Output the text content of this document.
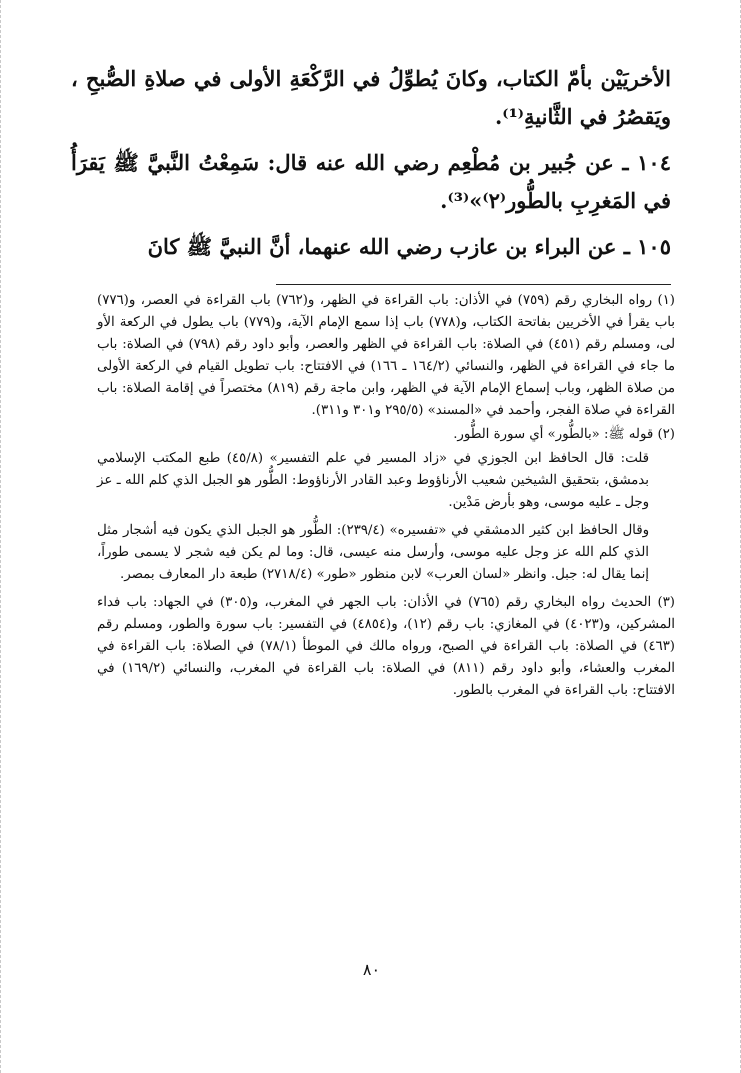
الأخريَيْن بأمّ الكتاب، وكانَ يُطوِّلُ في الرَّكْعَةِ الأولى في صلاةِ الصُّبحِ ، ويَقصُرُ في الثَّانيةِ⁽¹⁾.

١٠٤ ـ عن جُبير بن مُطْعِم رضي الله عنه قال: سَمِعْتُ النَّبيَّ ﷺ يَقرَأُ في المَغرِبِ بالطُّور⁽٢⁾»⁽³⁾.

١٠٥ ـ عن البراء بن عازب رضي الله عنهما، أنَّ النبيَّ ﷺ كانَ

(١) رواه البخاري رقم (٧٥٩) في الأذان: باب القراءة في الظهر، و(٧٦٢) باب القراءة في العصر، و(٧٧٦) باب يقرأ في الأخريين بفاتحة الكتاب، و(٧٧٨) باب إذا سمع الإمام الآية، و(٧٧٩) باب يطول في الركعة الأو لى، ومسلم رقم (٤٥١) في الصلاة: باب القراءة في الظهر والعصر، وأبو داود رقم (٧٩٨) في الصلاة: باب ما جاء في القراءة في الظهر، والنسائي (١٦٤/٢ ـ ١٦٦) في الافتتاح: باب تطويل القيام في الركعة الأولى من صلاة الظهر، وباب إسماع الإمام الآية في الظهر، وابن ماجة رقم (٨١٩) مختصراً في إقامة الصلاة: باب القراءة في صلاة الفجر، وأحمد في «المسند» (٢٩٥/٥ و٣٠١ و٣١١).

(٢) قوله ﷺ: «بالطُّور» أي سورة الطُّور.

قلت: قال الحافظ ابن الجوزي في «زاد المسير في علم التفسير» (٤٥/٨) طبع المكتب الإسلامي بدمشق، بتحقيق الشيخين شعيب الأرناؤوط وعبد القادر الأرناؤوط: الطُّور هو الجبل الذي كلم الله ـ عز وجل ـ عليه موسى، وهو بأرض مَدْين.

وقال الحافظ ابن كثير الدمشقي في «تفسيره» (٢٣٩/٤): الطُّور هو الجبل الذي يكون فيه أشجار مثل الذي كلم الله عز وجل عليه موسى، وأرسل منه عيسى، قال: وما لم يكن فيه شجر لا يسمى طوراً، إنما يقال له: جبل. وانظر «لسان العرب» لابن منظور «طور» (٢٧١٨/٤) طبعة دار المعارف بمصر.

(٣) الحديث رواه البخاري رقم (٧٦٥) في الأذان: باب الجهر في المغرب، و(٣٠٥) في الجهاد: باب فداء المشركين، و(٤٠٢٣) في المغازي: باب رقم (١٢)، و(٤٨٥٤) في التفسير: باب سورة والطور، ومسلم رقم (٤٦٣) في الصلاة: باب القراءة في الصبح، ورواه مالك في الموطأ (٧٨/١) في الصلاة: باب القراءة في المغرب والعشاء، وأبو داود رقم (٨١١) في الصلاة: باب القراءة في المغرب، والنسائي (١٦٩/٢) في الافتتاح: باب القراءة في المغرب بالطور.

٨٠
